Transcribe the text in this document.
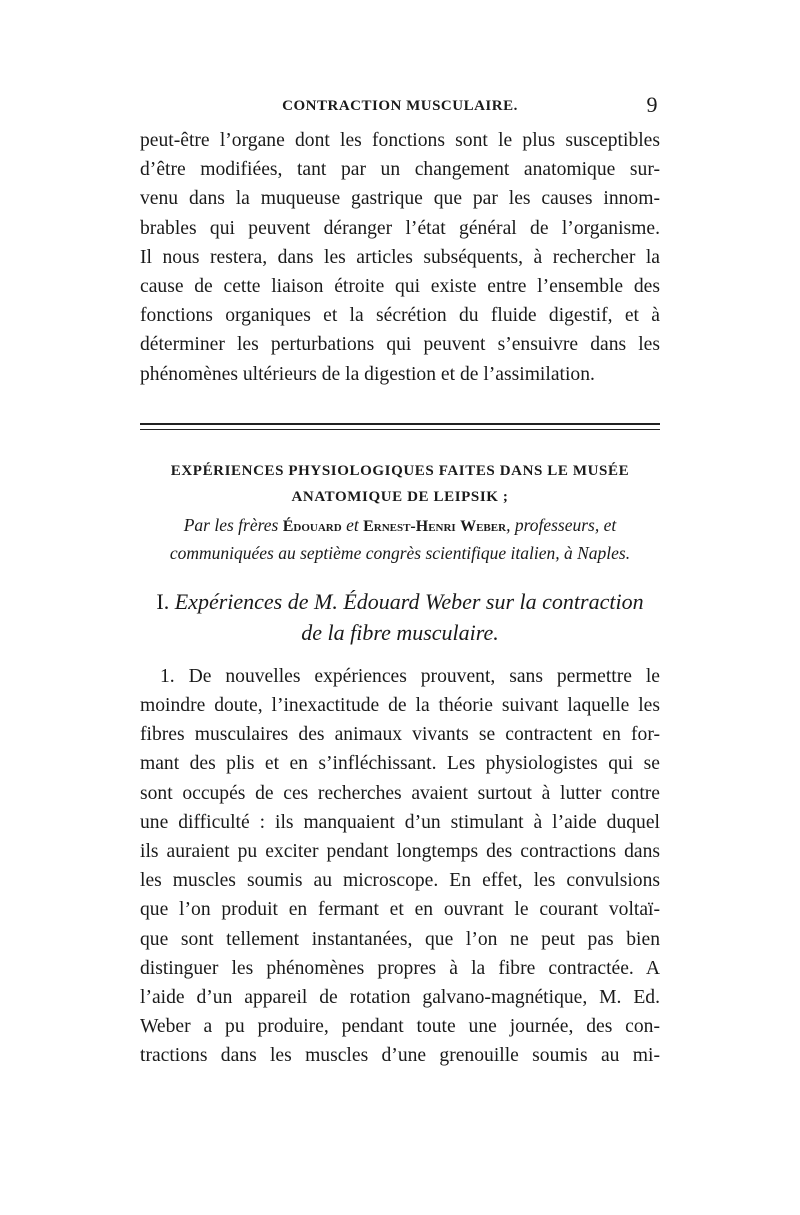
CONTRACTION MUSCULAIRE.	9
peut-être l’organe dont les fonctions sont le plus susceptibles
d’être modifiées, tant par un changement anatomique sur-
venu dans la muqueuse gastrique que par les causes innom-
brables qui peuvent déranger l’état général de l’organisme.
Il nous restera, dans les articles subséquents, à rechercher la
cause de cette liaison étroite qui existe entre l’ensemble des
fonctions organiques et la sécrétion du fluide digestif, et à
déterminer les perturbations qui peuvent s’ensuivre dans les
phénomènes ultérieurs de la digestion et de l’assimilation.
EXPÉRIENCES PHYSIOLOGIQUES FAITES DANS LE MUSÉE
ANATOMIQUE DE LEIPSIK ;
Par les frères Édouard et Ernest-Henri Weber, professeurs, et
communiquées au septième congrès scientifique italien, à Naples.
I. Expériences de M. Édouard Weber sur la contraction
de la fibre musculaire.
1. De nouvelles expériences prouvent, sans permettre le
moindre doute, l’inexactitude de la théorie suivant laquelle les
fibres musculaires des animaux vivants se contractent en for-
mant des plis et en s’infléchissant. Les physiologistes qui se
sont occupés de ces recherches avaient surtout à lutter contre
une difficulté : ils manquaient d’un stimulant à l’aide duquel
ils auraient pu exciter pendant longtemps des contractions dans
les muscles soumis au microscope. En effet, les convulsions
que l’on produit en fermant et en ouvrant le courant voltaï-
que sont tellement instantanées, que l’on ne peut pas bien
distinguer les phénomènes propres à la fibre contractée. A
l’aide d’un appareil de rotation galvano-magnétique, M. Ed.
Weber a pu produire, pendant toute une journée, des con-
tractions dans les muscles d’une grenouille soumis au mi-
